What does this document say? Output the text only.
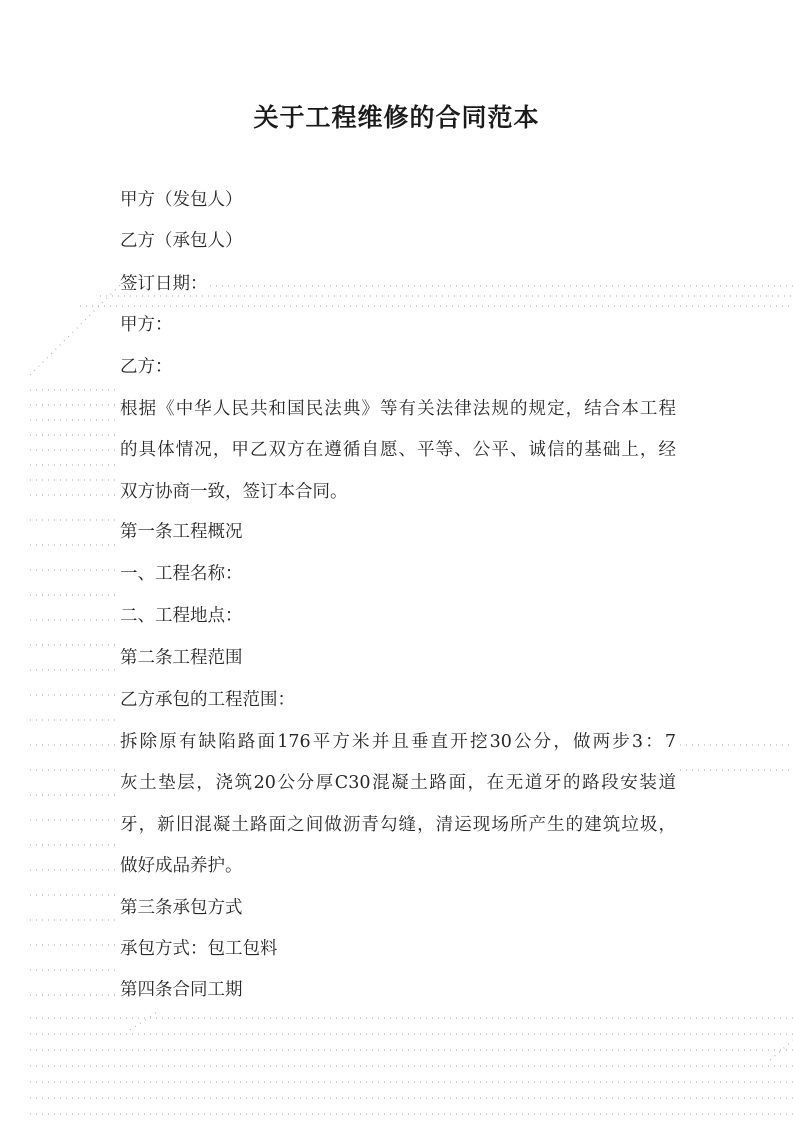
关于工程维修的合同范本

甲方（发包人）

乙方（承包人）

签订日期：

甲方：

乙方：

根据《中华人民共和国民法典》等有关法律法规的规定，结合本工程

的具体情况，甲乙双方在遵循自愿、平等、公平、诚信的基础上，经

双方协商一致，签订本合同。

第一条工程概况

一、工程名称：

二、工程地点：

第二条工程范围

乙方承包的工程范围：

拆除原有缺陷路面176平方米并且垂直开挖30公分，做两步3：7

灰土垫层，浇筑20公分厚C30混凝土路面，在无道牙的路段安装道

牙，新旧混凝土路面之间做沥青勾缝，清运现场所产生的建筑垃圾，

做好成品养护。

第三条承包方式

承包方式：包工包料

第四条合同工期
